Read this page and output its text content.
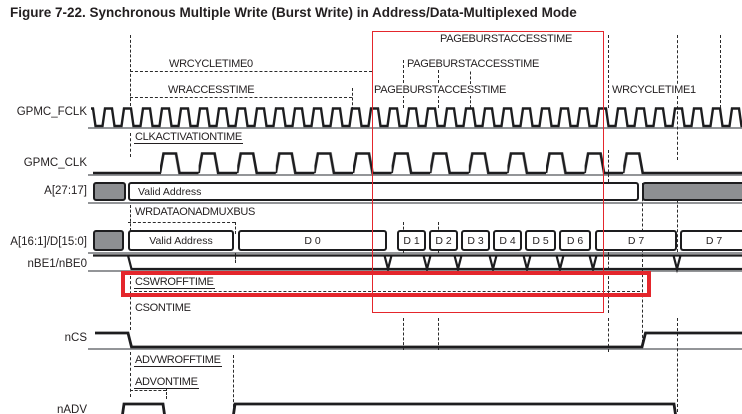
Figure 7-22. Synchronous Multiple Write (Burst Write) in Address/Data-Multiplexed Mode
GPMC_FCLK
GPMC_CLK
A[27:17]
A[16:1]/D[15:0]
nBE1/nBE0
nCS
nADV
WRCYCLETIME0
WRACCESSTIME
PAGEBURSTACCESSTIME
PAGEBURSTACCESSTIME
PAGEBURSTACCESSTIME	WRCYCLETIME1
CLKACTIVATIONTIME
WRDATAONADMUXBUS
CSWROFFTIME
CSONTIME
ADVWROFFTIME
ADVONTIME
Valid Address
Valid Address	D 0	D 1 D 2 D 3 D 4 D 5 D 6	D 7	D 7
